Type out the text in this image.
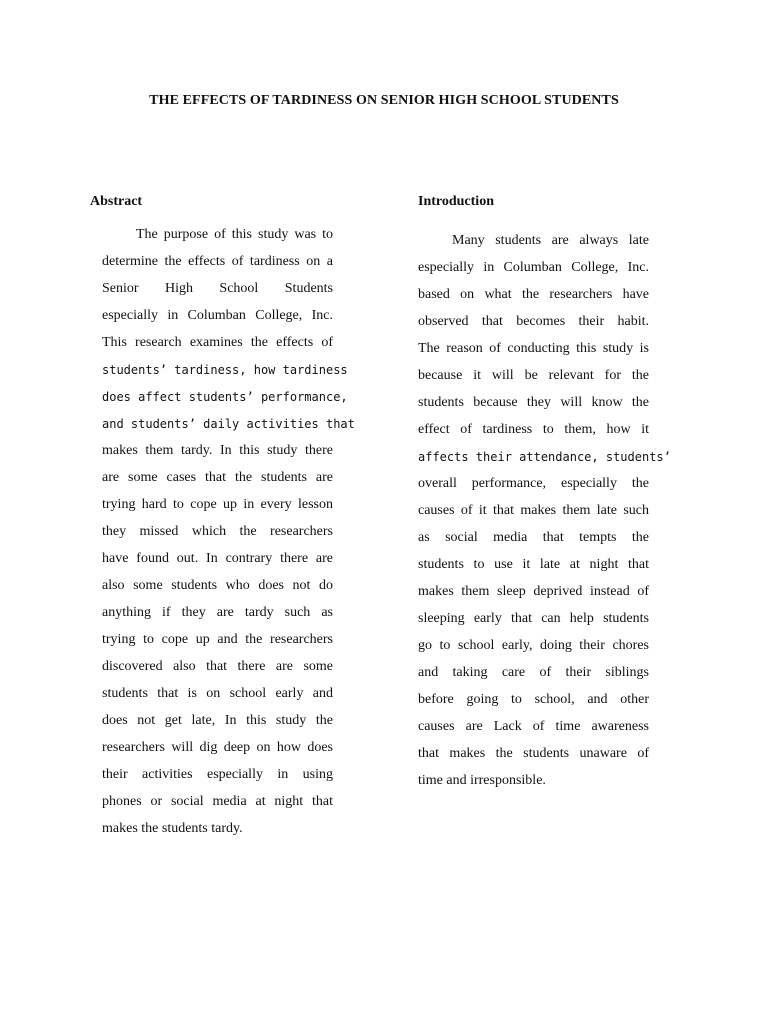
THE EFFECTS OF TARDINESS ON SENIOR HIGH SCHOOL STUDENTS
Abstract	Introduction
The purpose of this study was to
determine the effects of tardiness on a
Senior High School Students
especially in Columban College, Inc.
This research examines the effects of
students’ tardiness, how tardiness
does affect students’ performance,
and students’ daily activities that
makes them tardy. In this study there
are some cases that the students are
trying hard to cope up in every lesson
they missed which the researchers
have found out. In contrary there are
also some students who does not do
anything if they are tardy such as
trying to cope up and the researchers
discovered also that there are some
students that is on school early and
does not get late, In this study the
researchers will dig deep on how does
their activities especially in using
phones or social media at night that
makes the students tardy.
Many students are always late
especially in Columban College, Inc.
based on what the researchers have
observed that becomes their habit.
The reason of conducting this study is
because it will be relevant for the
students because they will know the
effect of tardiness to them, how it
affects their attendance, students’
overall performance, especially the
causes of it that makes them late such
as social media that tempts the
students to use it late at night that
makes them sleep deprived instead of
sleeping early that can help students
go to school early, doing their chores
and taking care of their siblings
before going to school, and other
causes are Lack of time awareness
that makes the students unaware of
time and irresponsible.
